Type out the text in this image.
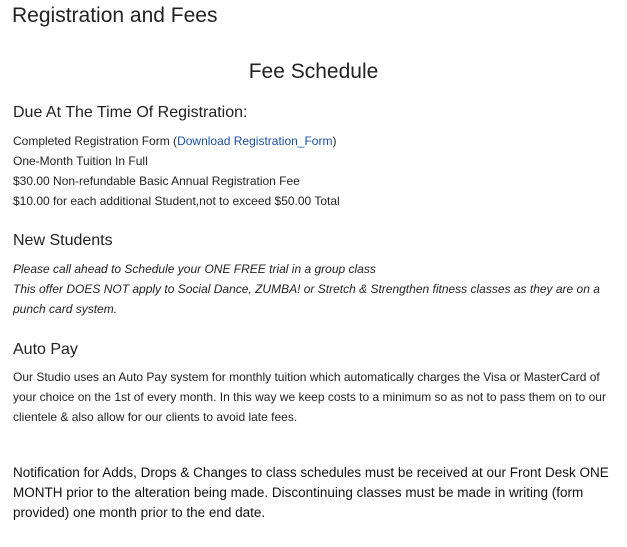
Registration and Fees
Fee Schedule
Due At The Time Of Registration:
Completed Registration Form (Download Registration_Form)
One-Month Tuition In Full
$30.00 Non-refundable Basic Annual Registration Fee
$10.00 for each additional Student,not to exceed $50.00 Total
New Students
Please call ahead to Schedule your ONE FREE trial in a group class
This offer DOES NOT apply to Social Dance, ZUMBA! or Stretch & Strengthen fitness classes as they are on a
punch card system.
Auto Pay
Our Studio uses an Auto Pay system for monthly tuition which automatically charges the Visa or MasterCard of
your choice on the 1st of every month. In this way we keep costs to a minimum so as not to pass them on to our
clientele & also allow for our clients to avoid late fees.

Notification for Adds, Drops & Changes to class schedules must be received at our Front Desk ONE MONTH prior to the alteration being made. Discontinuing classes must be made in writing (form provided) one month prior to the end date.
